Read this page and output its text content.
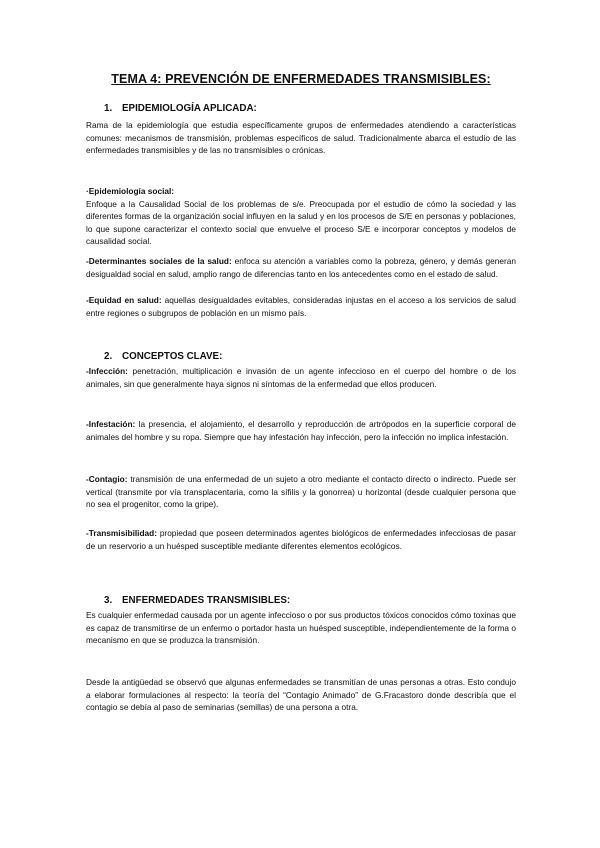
TEMA 4: PREVENCIÓN DE ENFERMEDADES TRANSMISIBLES:
1. EPIDEMIOLOGÍA APLICADA:
Rama de la epidemiología que estudia específicamente grupos de enfermedades atendiendo a características comunes: mecanismos de transmisión, problemas específicos de salud. Tradicionalmente abarca el estudio de las enfermedades transmisibles y de las no transmisibles o crónicas.
·Epidemiología social:
Enfoque a la Causalidad Social de los problemas de s/e. Preocupada por el estudio de cómo la sociedad y las diferentes formas de la organización social influyen en la salud y en los procesos de S/E en personas y poblaciones, lo que supone caracterizar el contexto social que envuelve el proceso S/E e incorporar conceptos y modelos de causalidad social.
-Determinantes sociales de la salud: enfoca su atención a variables como la pobreza, género, y demás generan desigualdad social en salud, amplio rango de diferencias tanto en los antecedentes como en el estado de salud.
-Equidad en salud: aquellas desigualdades evitables, consideradas injustas en el acceso a los servicios de salud entre regiones o subgrupos de población en un mismo país.
2. CONCEPTOS CLAVE:
-Infección: penetración, multiplicación e invasión de un agente infeccioso en el cuerpo del hombre o de los animales, sin que generalmente haya signos ni síntomas de la enfermedad que ellos producen.
-Infestación: la presencia, el alojamiento, el desarrollo y reproducción de artrópodos en la superficie corporal de animales del hombre y su ropa. Siempre que hay infestación hay infección, pero la infección no implica infestación.
-Contagio: transmisión de una enfermedad de un sujeto a otro mediante el contacto directo o indirecto. Puede ser vertical (transmite por vía transplacentaria, como la sífilis y la gonorrea) u horizontal (desde cualquier persona que no sea el progenitor, como la gripe).
-Transmisibilidad: propiedad que poseen determinados agentes biológicos de enfermedades infecciosas de pasar de un reservorio a un huésped susceptible mediante diferentes elementos ecológicos.
3. ENFERMEDADES TRANSMISIBLES:
Es cualquier enfermedad causada por un agente infeccioso o por sus productos tóxicos conocidos cómo toxinas que es capaz de transmitirse de un enfermo o portador hasta un huésped susceptible, independientemente de la forma o mecanismo en que se produzca la transmisión.
Desde la antigüedad se observó que algunas enfermedades se transmitían de unas personas a otras. Esto condujo a elaborar formulaciones al respecto: la teoría del “Contagio Animado” de G.Fracastoro donde describía que el contagio se debía al paso de seminarias (semillas) de una persona a otra.
